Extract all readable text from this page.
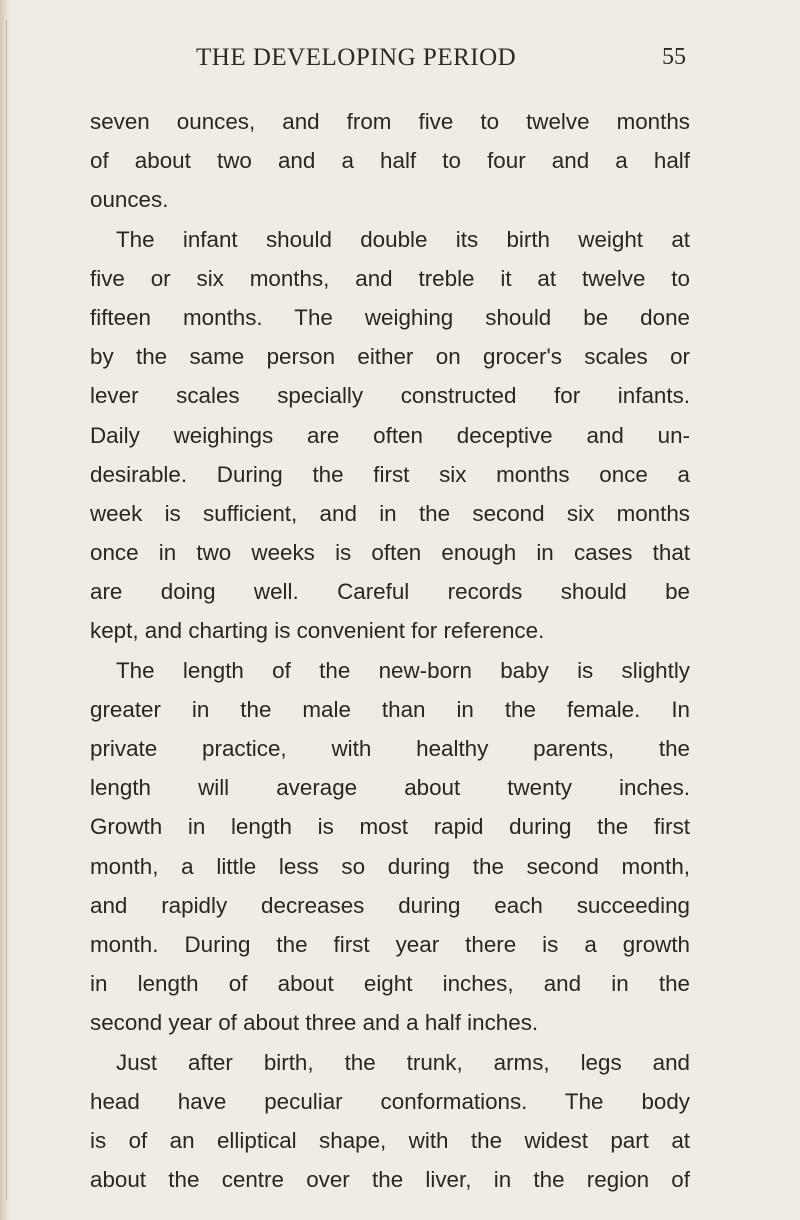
THE DEVELOPING PERIOD	55
seven ounces, and from five to twelve months
of about two and a half to four and a half
ounces.
The infant should double its birth weight at
five or six months, and treble it at twelve to
fifteen months. The weighing should be done
by the same person either on grocer's scales or
lever scales specially constructed for infants.
Daily weighings are often deceptive and un-
desirable. During the first six months once a
week is sufficient, and in the second six months
once in two weeks is often enough in cases that
are doing well. Careful records should be
kept, and charting is convenient for reference.
The length of the new-born baby is slightly
greater in the male than in the female. In
private practice, with healthy parents, the
length will average about twenty inches.
Growth in length is most rapid during the first
month, a little less so during the second month,
and rapidly decreases during each succeeding
month. During the first year there is a growth
in length of about eight inches, and in the
second year of about three and a half inches.
Just after birth, the trunk, arms, legs and
head have peculiar conformations. The body
is of an elliptical shape, with the widest part at
about the centre over the liver, in the region of
